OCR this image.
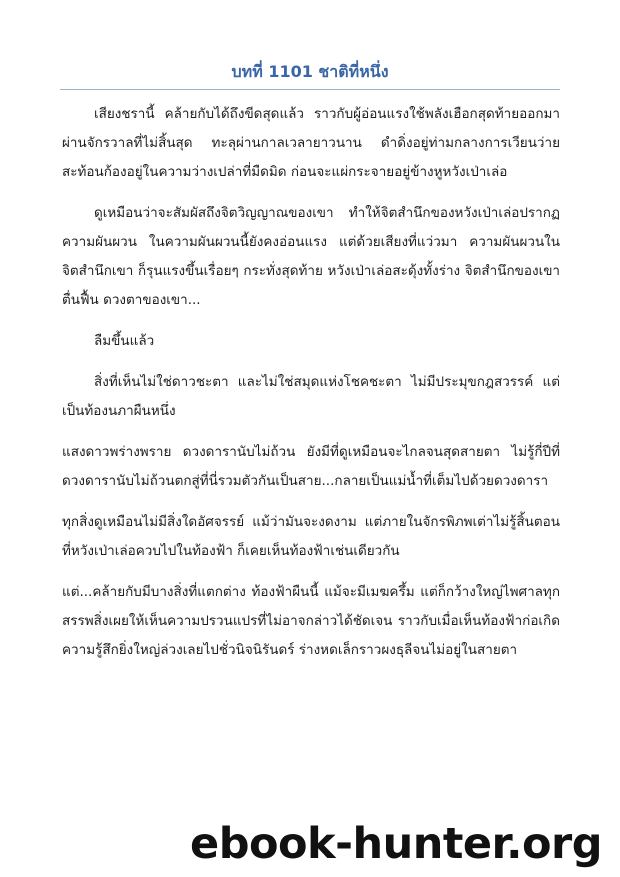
บทที่ 1101 ชาติที่หนึ่ง

เสียงชรานี้ คล้ายกับได้ถึงขีดสุดแล้ว ราวกับผู้อ่อนแรงใช้พลังเฮือกสุดท้ายออกมา ผ่านจักรวาลที่ไม่สิ้นสุด ทะลุผ่านกาลเวลายาวนาน ดำดิ่งอยู่ท่ามกลางการเวียนว่ายสะท้อนก้องอยู่ในความว่างเปล่าที่มืดมิด ก่อนจะแผ่กระจายอยู่ข้างหูหวังเป่าเล่อ

ดูเหมือนว่าจะสัมผัสถึงจิตวิญญาณของเขา ทำให้จิตสำนึกของหวังเป่าเล่อปรากฏความผันผวน ในความผันผวนนี้ยังคงอ่อนแรง แต่ด้วยเสียงที่แว่วมา ความผันผวนในจิตสำนึกเขา ก็รุนแรงขึ้นเรื่อยๆ กระทั่งสุดท้าย หวังเป่าเล่อสะดุ้งทั้งร่าง จิตสำนึกของเขาตื่นฟื้น ดวงตาของเขา...

ลืมขึ้นแล้ว

สิ่งที่เห็นไม่ใช่ดาวชะตา และไม่ใช่สมุดแห่งโชคชะตา ไม่มีประมุขกฎสวรรค์ แต่เป็นท้องนภาผืนหนึ่ง

แสงดาวพร่างพราย ดวงดารานับไม่ถ้วน ยังมีที่ดูเหมือนจะไกลจนสุดสายตา ไม่รู้กี่ปีที่ดวงดารานับไม่ถ้วนตกสู่ที่นี่รวมตัวกันเป็นสาย...กลายเป็นแม่น้ำที่เต็มไปด้วยดวงดารา

ทุกสิ่งดูเหมือนไม่มีสิ่งใดอัศจรรย์ แม้ว่ามันจะงดงาม แต่ภายในจักรพิภพเต่าไม่รู้สิ้นตอนที่หวังเป่าเล่อควบไปในท้องฟ้า ก็เคยเห็นท้องฟ้าเช่นเดียวกัน

แต่...คล้ายกับมีบางสิ่งที่แตกต่าง ท้องฟ้าผืนนี้ แม้จะมีเมฆครึ้ม แต่ก็กว้างใหญ่ไพศาลทุกสรรพสิ่งเผยให้เห็นความปรวนแปรที่ไม่อาจกล่าวได้ชัดเจน ราวกับเมื่อเห็นท้องฟ้าก่อเกิดความรู้สึกยิ่งใหญ่ล่วงเลยไปชั่วนิจนิรันดร์ ร่างหดเล็กราวผงธุลีจนไม่อยู่ในสายตา

ebook-hunter.org
